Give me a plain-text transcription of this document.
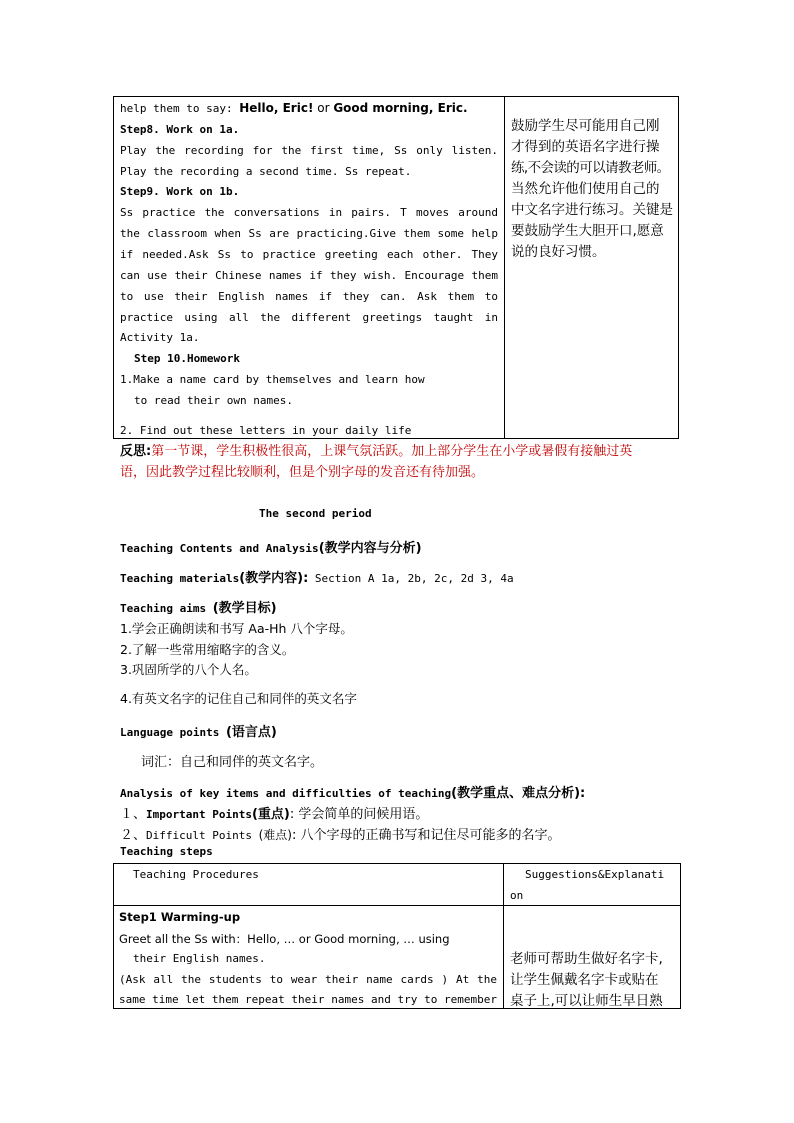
help them to say: Hello, Eric! or Good morning, Eric.
Step8. Work on 1a.
Play the recording for the first time, Ss only listen.
Play the recording a second time. Ss repeat.
Step9. Work on 1b.
Ss practice the conversations in pairs. T moves around
the classroom when Ss are practicing.Give them some help
if needed.Ask Ss to practice greeting each other. They
can use their Chinese names if they wish. Encourage them
to use their English names if they can. Ask them to
practice using all the different greetings taught in
Activity 1a.
Step 10.Homework
1.Make a name card by themselves and learn how
to read their own names.
2. Find out these letters in your daily life
鼓励学生尽可能用自己刚
才得到的英语名字进行操
练,不会读的可以请教老师。
当然允许他们使用自己的
中文名字进行练习。关键是
要鼓励学生大胆开口,愿意
说的良好习惯。
反思:第一节课，学生积极性很高，上课气氛活跃。加上部分学生在小学或暑假有接触过英
语，因此教学过程比较顺利，但是个别字母的发音还有待加强。
The second period
Teaching Contents and Analysis(教学内容与分析)
Teaching materials(教学内容): Section A 1a, 2b, 2c, 2d 3, 4a
Teaching aims (教学目标)
1.学会正确朗读和书写 Aa-Hh 八个字母。
2.了解一些常用缩略字的含义。
3.巩固所学的八个人名。
4.有英文名字的记住自己和同伴的英文名字
Language points (语言点)
词汇：自己和同伴的英文名字。
Analysis of key items and difficulties of teaching(教学重点、难点分析):
１、Important Points(重点): 学会简单的问候用语。
２、Difficult Points (难点): 八个字母的正确书写和记住尽可能多的名字。
Teaching steps
Teaching Procedures	Suggestions&Explanati
on
Step1 Warming-up
Greet all the Ss with：Hello, … or Good morning, … using
their English names.
(Ask all the students to wear their name cards ) At the
same time let them repeat their names and try to remember
老师可帮助生做好名字卡,
让学生佩戴名字卡或贴在
桌子上,可以让师生早日熟
